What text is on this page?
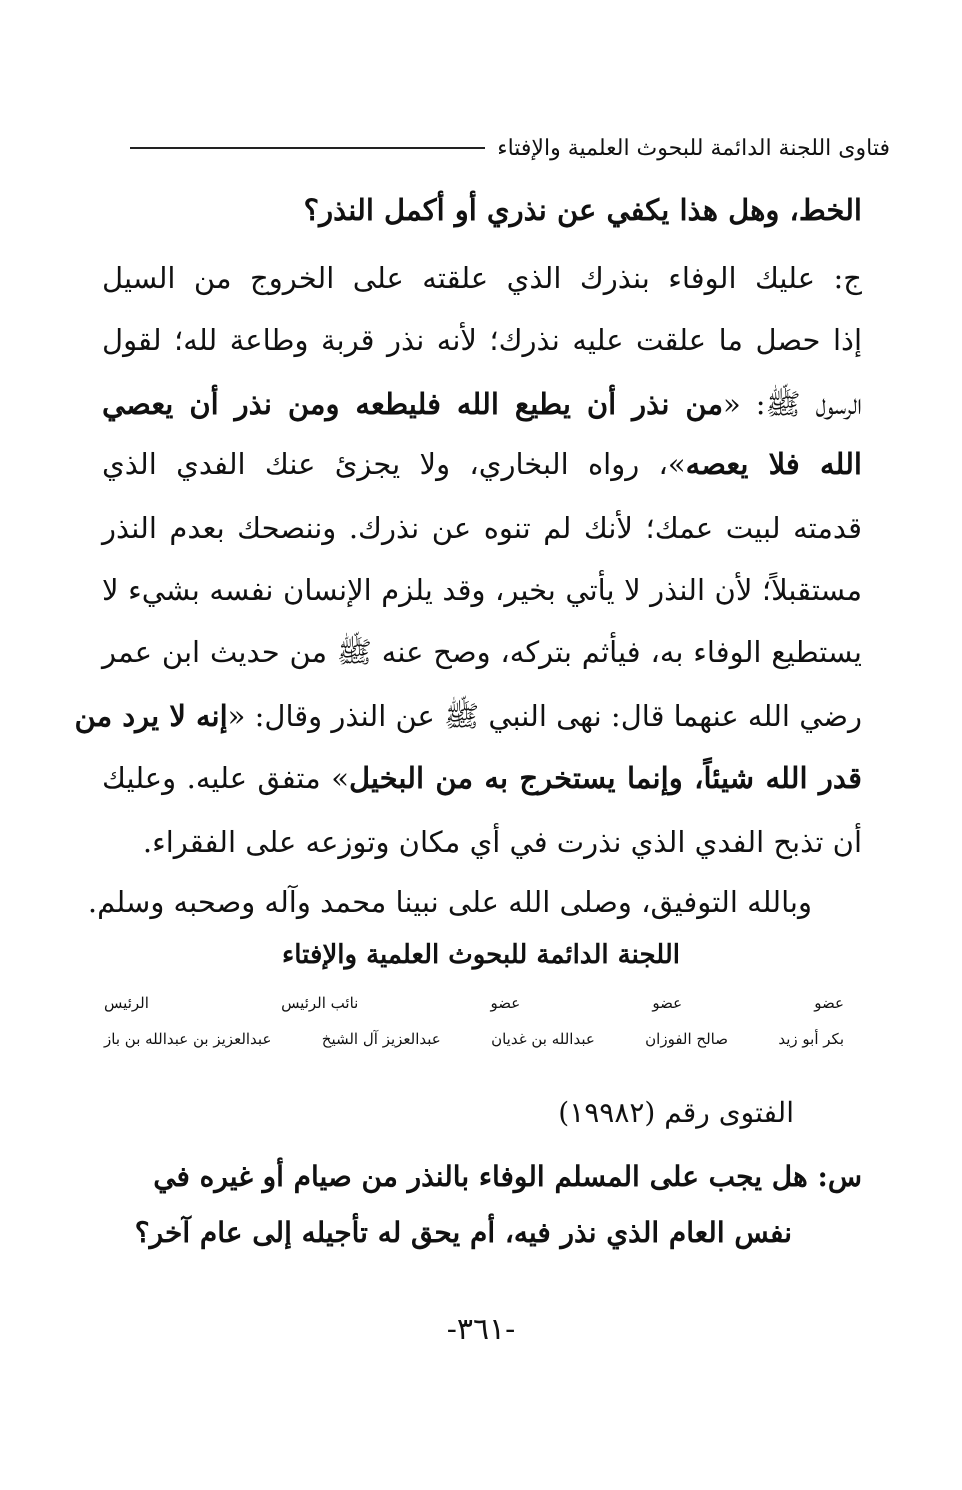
فتاوى اللجنة الدائمة للبحوث العلمية والإفتاء
الخط، وهل هذا يكفي عن نذري أو أكمل النذر؟
ج: عليك الوفاء بنذرك الذي علقته على الخروج من السيل
إذا حصل ما علقت عليه نذرك؛ لأنه نذر قربة وطاعة لله؛ لقول
الرسول ﷺ: «من نذر أن يطيع الله فليطعه ومن نذر أن يعصي
الله فلا يعصه»، رواه البخاري، ولا يجزئ عنك الفدي الذي
قدمته لبيت عمك؛ لأنك لم تنوه عن نذرك. وننصحك بعدم النذر
مستقبلاً؛ لأن النذر لا يأتي بخير، وقد يلزم الإنسان نفسه بشيء لا
يستطيع الوفاء به، فيأثم بتركه، وصح عنه ﷺ من حديث ابن عمر
رضي الله عنهما قال: نهى النبي ﷺ عن النذر وقال: «إنه لا يرد من
قدر الله شيئاً، وإنما يستخرج به من البخيل» متفق عليه. وعليك
أن تذبح الفدي الذي نذرت في أي مكان وتوزعه على الفقراء.
وبالله التوفيق، وصلى الله على نبينا محمد وآله وصحبه وسلم.
اللجنة الدائمة للبحوث العلمية والإفتاء
عضو
عضو
عضو
نائب الرئيس
الرئيس
بكر أبو زيد
صالح الفوزان
عبدالله بن غديان
عبدالعزيز آل الشيخ
عبدالعزيز بن عبدالله بن باز
الفتوى رقم (١٩٩٨٢)
س: هل يجب على المسلم الوفاء بالنذر من صيام أو غيره في
نفس العام الذي نذر فيه، أم يحق له تأجيله إلى عام آخر؟
-٣٦١-
